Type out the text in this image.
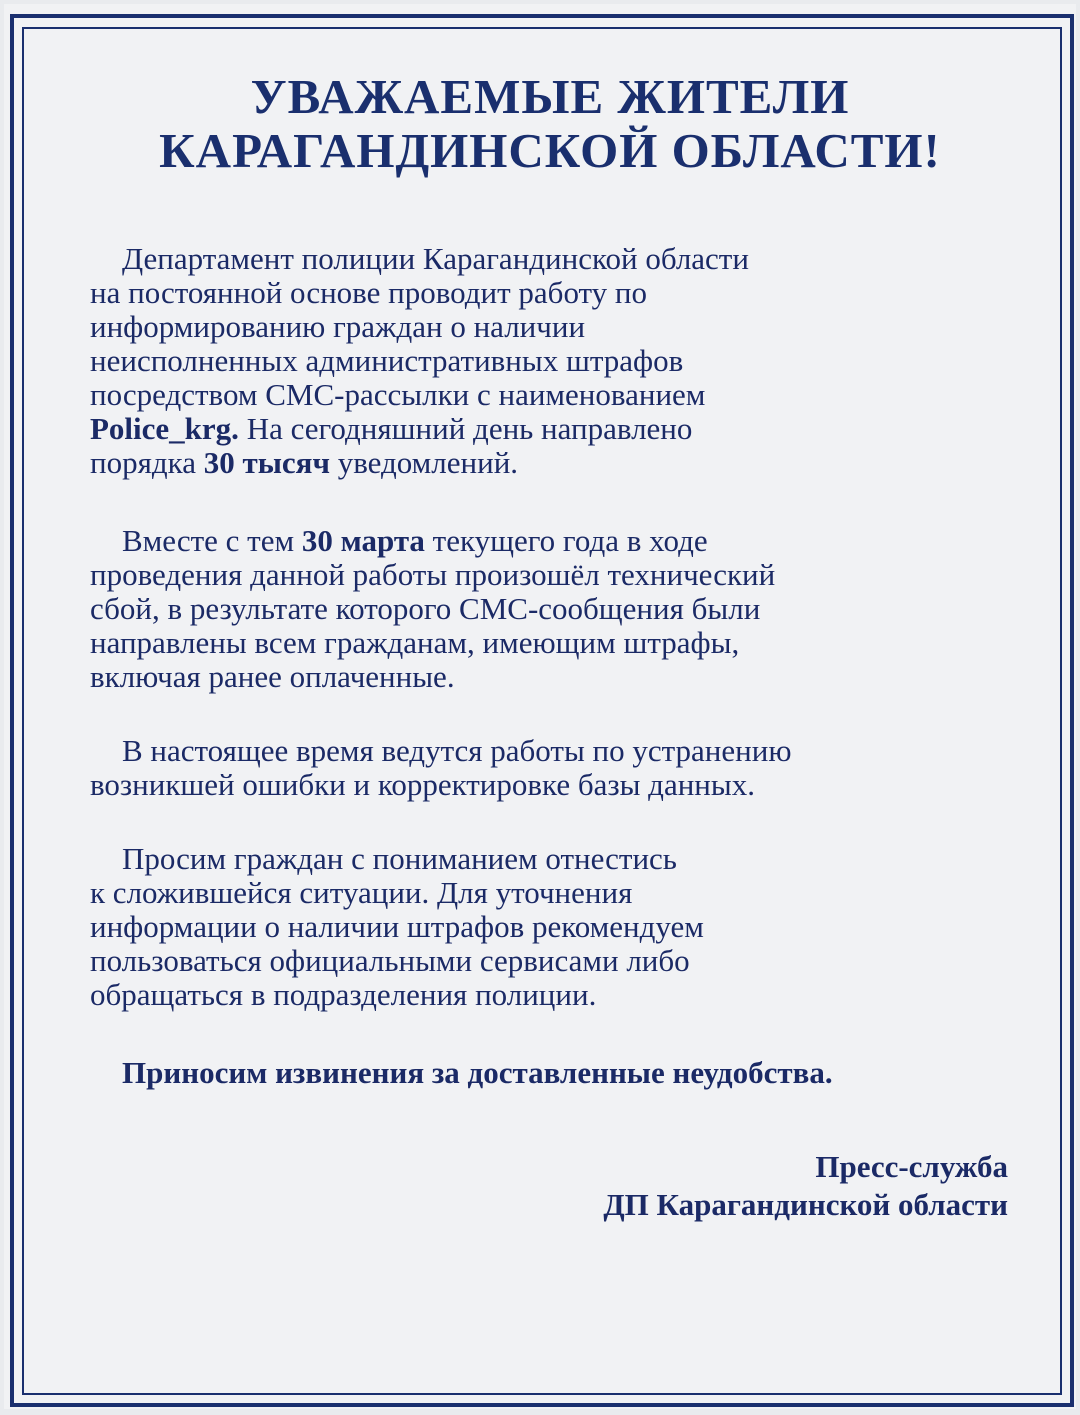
УВАЖАЕМЫЕ ЖИТЕЛИ
КАРАГАНДИНСКОЙ ОБЛАСТИ!

Департамент полиции Карагандинской области
на постоянной основе проводит работу по
информированию граждан о наличии
неисполненных административных штрафов
посредством СМС-рассылки с наименованием
Police_krg. На сегодняшний день направлено
порядка 30 тысяч уведомлений.

Вместе с тем 30 марта текущего года в ходе
проведения данной работы произошёл технический
сбой, в результате которого СМС-сообщения были
направлены всем гражданам, имеющим штрафы,
включая ранее оплаченные.

В настоящее время ведутся работы по устранению
возникшей ошибки и корректировке базы данных.

Просим граждан с пониманием отнестись
к сложившейся ситуации. Для уточнения
информации о наличии штрафов рекомендуем
пользоваться официальными сервисами либо
обращаться в подразделения полиции.

Приносим извинения за доставленные неудобства.
Пресс-служба
ДП Карагандинской области
